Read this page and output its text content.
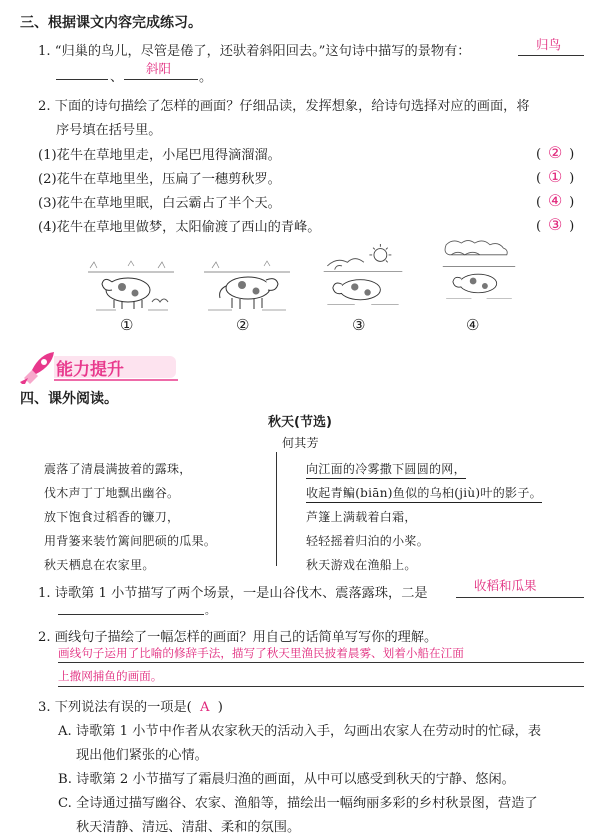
三、根据课文内容完成练习。
1. “归巢的鸟儿，尽管是倦了，还驮着斜阳回去。”这句诗中描写的景物有：	归鸟
、
斜阳
。
2. 下面的诗句描绘了怎样的画面？仔细品读，发挥想象，给诗句选择对应的画面，将
序号填在括号里。
(1)花牛在草地里走，小尾巴甩得滴溜溜。	( ② )
(2)花牛在草地里坐，压扁了一穗剪秋罗。	( ① )
(3)花牛在草地里眠，白云霸占了半个天。	( ④ )
(4)花牛在草地里做梦，太阳偷渡了西山的青峰。	( ③ )
①	②	③	④
能力提升
四、课外阅读。
秋天(节选)
何其芳
震落了清晨满披着的露珠，
伐木声丁丁地飘出幽谷。
放下饱食过稻香的镰刀，
用背篓来装竹篱间肥硕的瓜果。
秋天栖息在农家里。
向江面的冷雾撒下圆圆的网，
收起青鳊(biān)鱼似的乌桕(jiù)叶的影子。
芦篷上满载着白霜，
轻轻摇着归泊的小桨。
秋天游戏在渔船上。
1. 诗歌第 1 小节描写了两个场景，一是山谷伐木、震落露珠，二是
收稻和瓜果
。
2. 画线句子描绘了一幅怎样的画面？用自己的话简单写写你的理解。
画线句子运用了比喻的修辞手法，描写了秋天里渔民披着晨雾、划着小船在江面
上撒网捕鱼的画面。
3. 下列说法有误的一项是( A )
A. 诗歌第 1 小节中作者从农家秋天的活动入手，勾画出农家人在劳动时的忙碌，表
现出他们紧张的心情。
B. 诗歌第 2 小节描写了霜晨归渔的画面，从中可以感受到秋天的宁静、悠闲。
C. 全诗通过描写幽谷、农家、渔船等，描绘出一幅绚丽多彩的乡村秋景图，营造了
秋天清静、清远、清甜、柔和的氛围。
